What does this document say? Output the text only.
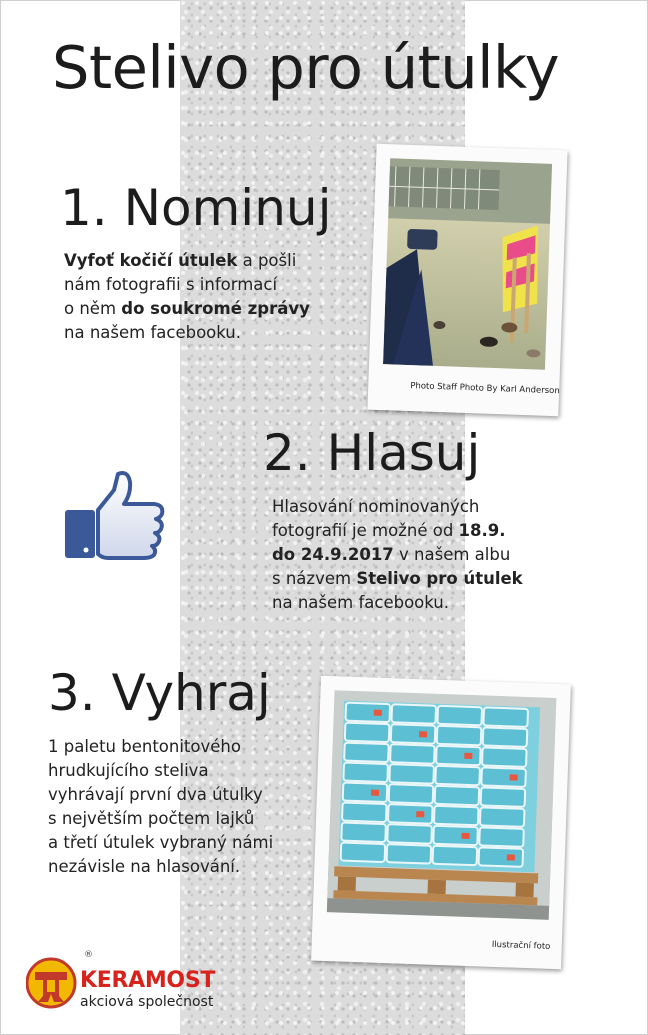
Stelivo pro útulky
1. Nominuj

Vyfoť kočičí útulek a pošli

nám fotografii s informací

o něm do soukromé zprávy

na našem facebooku.

Photo Staff Photo By Karl Anderson
2. Hlasuj

Hlasování nominovaných

fotografií je možné od 18.9.

do 24.9.2017 v našem albu

s názvem Stelivo pro útulek

na našem facebooku.

3. Vyhraj

1 paletu bentonitového

hrudkujícího steliva

vyhrávají první dva útulky

s největším počtem lajků

a třetí útulek vybraný námi

nezávisle na hlasování.

Ilustrační foto
®
KERAMOST
akciová společnost
